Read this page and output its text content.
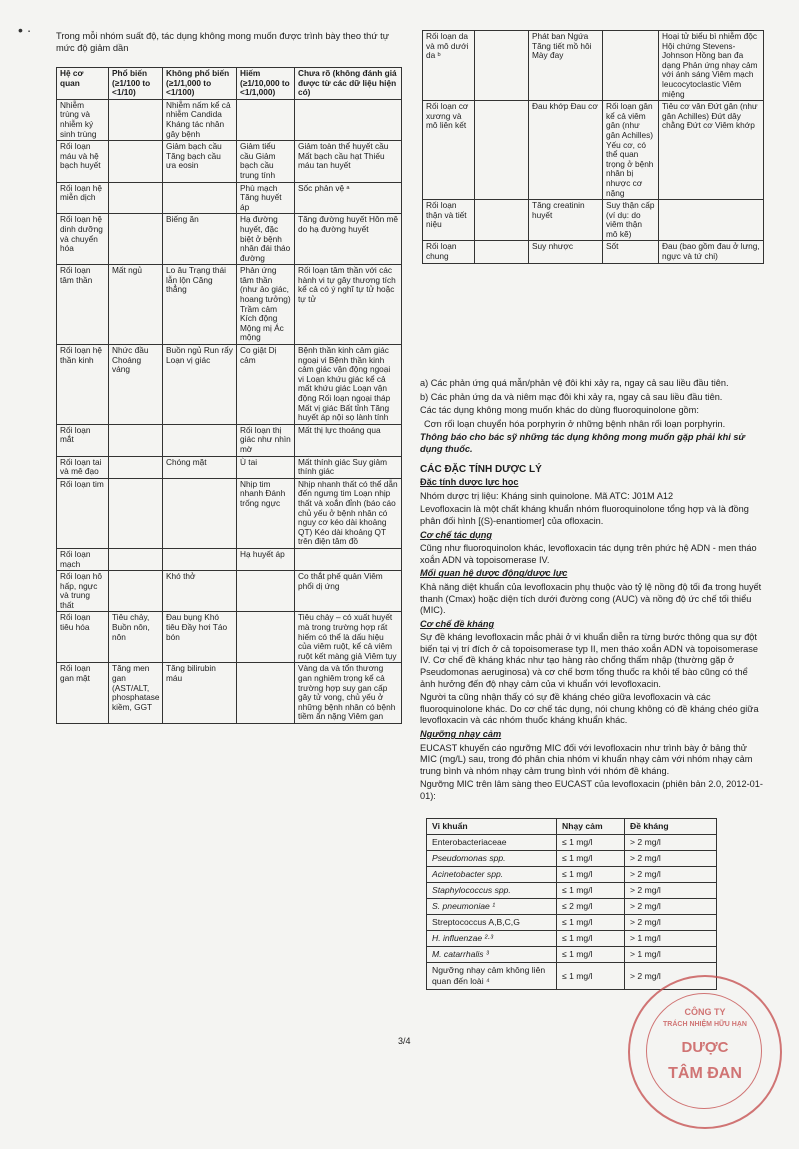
• ·	Trong mỗi nhóm suất độ, tác dụng không mong muốn được trình bày theo thứ tự mức độ giảm dần
Hệ cơ quan	Phổ biến (≥1/100 to <1/10)	Không phổ biến (≥1/1,000 to <1/100)	Hiếm (≥1/10,000 to <1/1,000)	Chưa rõ (không đánh giá được từ các dữ liệu hiện có)
Nhiễm trùng và nhiễm ký sinh trùng		Nhiễm nấm kể cả nhiễm Candida Kháng tác nhân gây bệnh		
Rối loạn máu và hệ bạch huyết		Giảm bạch cầu Tăng bạch cầu ưa eosin	Giảm tiểu cầu Giảm bạch cầu trung tính	Giảm toàn thể huyết cầu Mất bạch cầu hạt Thiếu máu tan huyết
Rối loạn hệ miễn dịch			Phù mạch Tăng huyết áp	Sốc phản vệ ᵃ
Rối loạn hệ dinh dưỡng và chuyển hóa		Biếng ăn	Hạ đường huyết, đặc biệt ở bệnh nhân đái tháo đường	Tăng đường huyết Hôn mê do hạ đường huyết
Rối loạn tâm thần	Mất ngủ	Lo âu Trạng thái lẫn lộn Căng thẳng	Phản ứng tâm thần (như ảo giác, hoang tưởng) Trầm cảm Kích động Mộng mị Ác mộng	Rối loạn tâm thần với các hành vi tự gây thương tích kể cả có ý nghĩ tự tử hoặc tự tử
Rối loạn hệ thần kinh	Nhức đầu Choáng váng	Buồn ngủ Run rẩy Loạn vị giác	Co giật Dị cảm	Bệnh thần kinh cảm giác ngoại vi Bệnh thần kinh cảm giác vận động ngoại vi Loạn khứu giác kể cả mất khứu giác Loạn vận động Rối loạn ngoại tháp Mất vị giác Bất tỉnh Tăng huyết áp nội sọ lành tính
Rối loạn mắt			Rối loạn thị giác như nhìn mờ	Mất thị lực thoáng qua
Rối loạn tai và mê đạo		Chóng mặt	Ù tai	Mất thính giác Suy giảm thính giác
Rối loạn tim			Nhịp tim nhanh Đánh trống ngực	Nhịp nhanh thất có thể dẫn đến ngưng tim Loạn nhịp thất và xoắn đỉnh (báo cáo chủ yếu ở bệnh nhân có nguy cơ kéo dài khoảng QT) Kéo dài khoảng QT trên điện tâm đồ
Rối loạn mạch			Hạ huyết áp	
Rối loạn hô hấp, ngực và trung thất		Khó thở		Co thắt phế quản Viêm phổi dị ứng
Rối loạn tiêu hóa	Tiêu chảy, Buồn nôn, nôn	Đau bụng Khó tiêu Đầy hơi Táo bón		Tiêu chảy – có xuất huyết mà trong trường hợp rất hiếm có thể là dấu hiệu của viêm ruột, kể cả viêm ruột kết màng giả Viêm tụy
Rối loạn gan mật	Tăng men gan (AST/ALT, phosphatase kiềm, GGT	Tăng bilirubin máu		Vàng da và tổn thương gan nghiêm trọng kể cả trường hợp suy gan cấp gây tử vong, chủ yếu ở những bệnh nhân có bệnh tiềm ẩn nặng Viêm gan
Rối loạn da và mô dưới da ᵇ		Phát ban Ngứa Tăng tiết mồ hôi Mày đay		Hoại tử biểu bì nhiễm độc Hội chứng Stevens-Johnson Hồng ban đa dạng Phản ứng nhạy cảm với ánh sáng Viêm mạch leucocytoclastic Viêm miệng
Rối loạn cơ xương và mô liên kết		Đau khớp Đau cơ	Rối loạn gân kể cả viêm gân (như gân Achilles) Yếu cơ, có thể quan trọng ở bệnh nhân bị nhược cơ nặng	Tiêu cơ vân Đứt gân (như gân Achilles) Đứt dây chằng Đứt cơ Viêm khớp
Rối loạn thận và tiết niệu		Tăng creatinin huyết	Suy thận cấp (ví dụ: do viêm thận mô kẽ)	
Rối loạn chung		Suy nhược	Sốt	Đau (bao gồm đau ở lưng, ngực và tứ chi)

a) Các phản ứng quá mẫn/phản vệ đôi khi xảy ra, ngay cả sau liều đầu tiên.

b) Các phản ứng da và niêm mạc đôi khi xảy ra, ngay cả sau liều đầu tiên.

Các tác dụng không mong muốn khác do dùng fluoroquinolone gồm:

Cơn rối loạn chuyển hóa porphyrin ở những bệnh nhân rối loạn porphyrin.

Thông báo cho bác sỹ những tác dụng không mong muốn gặp phải khi sử dụng thuốc.

CÁC ĐẶC TÍNH DƯỢC LÝ

Đặc tính dược lực học

Nhóm dược trị liệu: Kháng sinh quinolone. Mã ATC: J01M A12

Levofloxacin là một chất kháng khuẩn nhóm fluoroquinolone tổng hợp và là đồng phân đối hình [(S)-enantiomer] của ofloxacin.

Cơ chế tác dụng

Cũng như fluoroquinolon khác, levofloxacin tác dụng trên phức hệ ADN - men tháo xoắn ADN và topoisomerase IV.

Mối quan hệ dược động/dược lực

Khả năng diệt khuẩn của levofloxacin phụ thuộc vào tỷ lệ nồng độ tối đa trong huyết thanh (Cmax) hoặc diện tích dưới đường cong (AUC) và nồng độ ức chế tối thiểu (MIC).

Cơ chế đề kháng

Sự đề kháng levofloxacin mắc phải ở vi khuẩn diễn ra từng bước thông qua sự đột biến tại vị trí đích ở cả topoisomerase typ II, men tháo xoắn ADN và topoisomerase IV. Cơ chế đề kháng khác như tạo hàng rào chống thấm nhập (thường gặp ở Pseudomonas aeruginosa) và cơ chế bơm tống thuốc ra khỏi tế bào cũng có thể ảnh hưởng đến độ nhạy cảm của vi khuẩn với levofloxacin.

Người ta cũng nhận thấy có sự đề kháng chéo giữa levofloxacin và các fluoroquinolone khác. Do cơ chế tác dụng, nói chung không có đề kháng chéo giữa levofloxacin và các nhóm thuốc kháng khuẩn khác.

Ngưỡng nhạy cảm

EUCAST khuyến cáo ngưỡng MIC đối với levofloxacin như trình bày ở bảng thử MIC (mg/L) sau, trong đó phân chia nhóm vi khuẩn nhạy cảm với nhóm nhạy cảm trung bình và nhóm nhạy cảm trung bình với nhóm đề kháng.

Ngưỡng MIC trên lâm sàng theo EUCAST của levofloxacin (phiên bản 2.0, 2012-01-01):

Vi khuẩn	Nhạy cảm	Đề kháng
Enterobacteriaceae	≤ 1 mg/l	> 2 mg/l
Pseudomonas spp.	≤ 1 mg/l	> 2 mg/l
Acinetobacter spp.	≤ 1 mg/l	> 2 mg/l
Staphylococcus spp.	≤ 1 mg/l	> 2 mg/l
S. pneumoniae ¹	≤ 2 mg/l	> 2 mg/l
Streptococcus A,B,C,G	≤ 1 mg/l	> 2 mg/l
H. influenzae ²·³	≤ 1 mg/l	> 1 mg/l
M. catarrhalis ³	≤ 1 mg/l	> 1 mg/l
Ngưỡng nhạy cảm không liên quan đến loài ⁴	≤ 1 mg/l	> 2 mg/l
3/4
CÔNG TY
TRÁCH NHIỆM HỮU HẠN
DƯỢC
TÂM ĐAN
